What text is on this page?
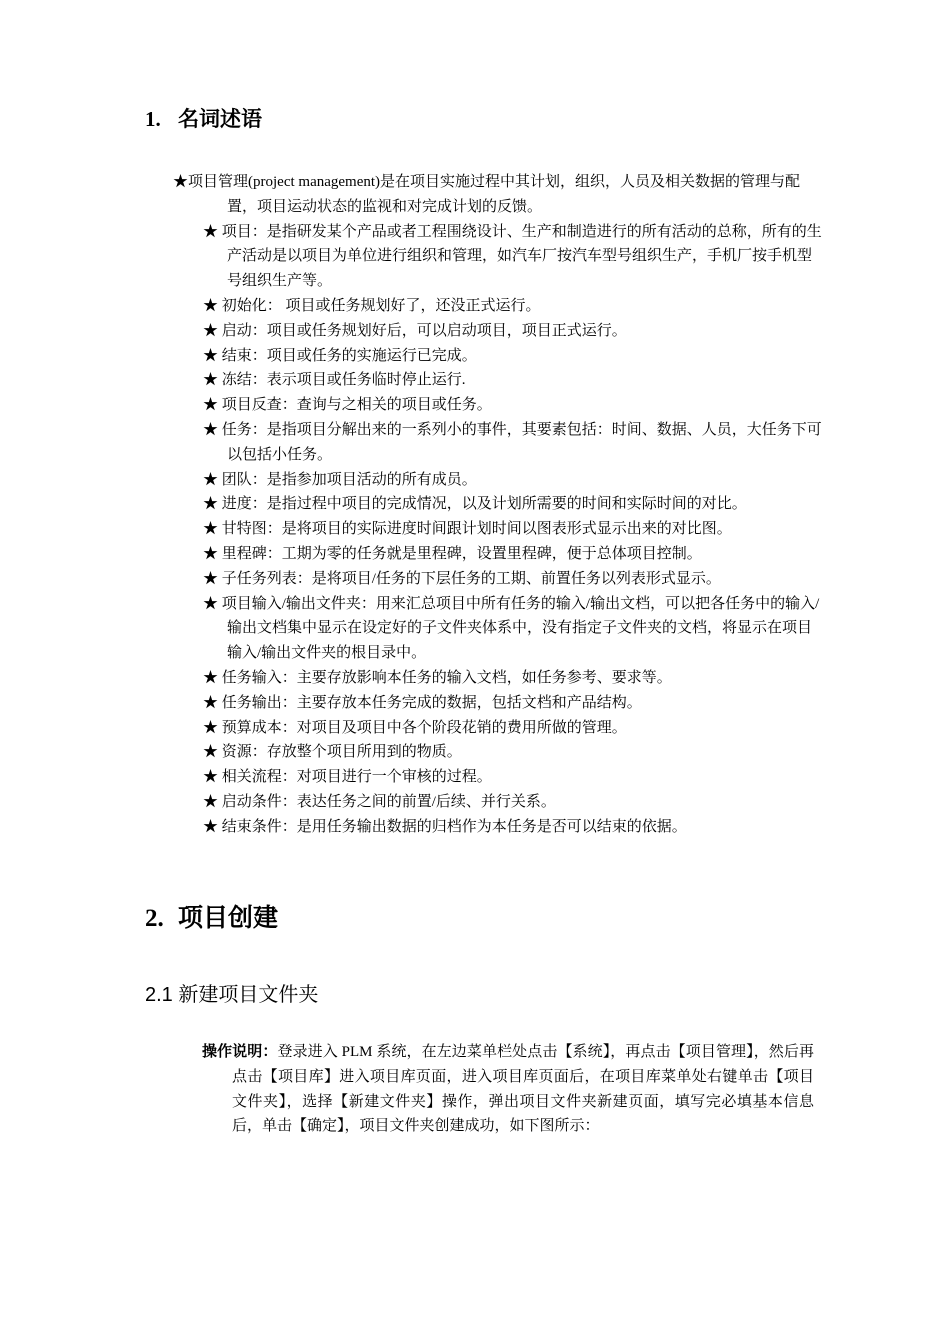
1. 名词述语
★项目管理(project management)是在项目实施过程中其计划，组织，人员及相关数据的管理与配置，项目运动状态的监视和对完成计划的反馈。
★ 项目：是指研发某个产品或者工程围绕设计、生产和制造进行的所有活动的总称，所有的生产活动是以项目为单位进行组织和管理，如汽车厂按汽车型号组织生产，手机厂按手机型号组织生产等。
★ 初始化： 项目或任务规划好了，还没正式运行。
★ 启动：项目或任务规划好后，可以启动项目，项目正式运行。
★ 结束：项目或任务的实施运行已完成。
★ 冻结：表示项目或任务临时停止运行.
★ 项目反查：查询与之相关的项目或任务。
★ 任务：是指项目分解出来的一系列小的事件，其要素包括：时间、数据、人员，大任务下可以包括小任务。
★ 团队：是指参加项目活动的所有成员。
★ 进度：是指过程中项目的完成情况，以及计划所需要的时间和实际时间的对比。
★ 甘特图：是将项目的实际进度时间跟计划时间以图表形式显示出来的对比图。
★ 里程碑：工期为零的任务就是里程碑，设置里程碑，便于总体项目控制。
★ 子任务列表：是将项目/任务的下层任务的工期、前置任务以列表形式显示。
★ 项目输入/输出文件夹：用来汇总项目中所有任务的输入/输出文档，可以把各任务中的输入/输出文档集中显示在设定好的子文件夹体系中，没有指定子文件夹的文档，将显示在项目输入/输出文件夹的根目录中。
★ 任务输入：主要存放影响本任务的输入文档，如任务参考、要求等。
★ 任务输出：主要存放本任务完成的数据，包括文档和产品结构。
★ 预算成本：对项目及项目中各个阶段花销的费用所做的管理。
★ 资源：存放整个项目所用到的物质。
★ 相关流程：对项目进行一个审核的过程。
★ 启动条件：表达任务之间的前置/后续、并行关系。
★ 结束条件：是用任务输出数据的归档作为本任务是否可以结束的依据。
2. 项目创建
2.1 新建项目文件夹
操作说明：登录进入 PLM 系统，在左边菜单栏处点击【系统】，再点击【项目管理】，然后再点击【项目库】进入项目库页面，进入项目库页面后，在项目库菜单处右键单击【项目文件夹】，选择【新建文件夹】操作，弹出项目文件夹新建页面，填写完必填基本信息后，单击【确定】，项目文件夹创建成功，如下图所示：
